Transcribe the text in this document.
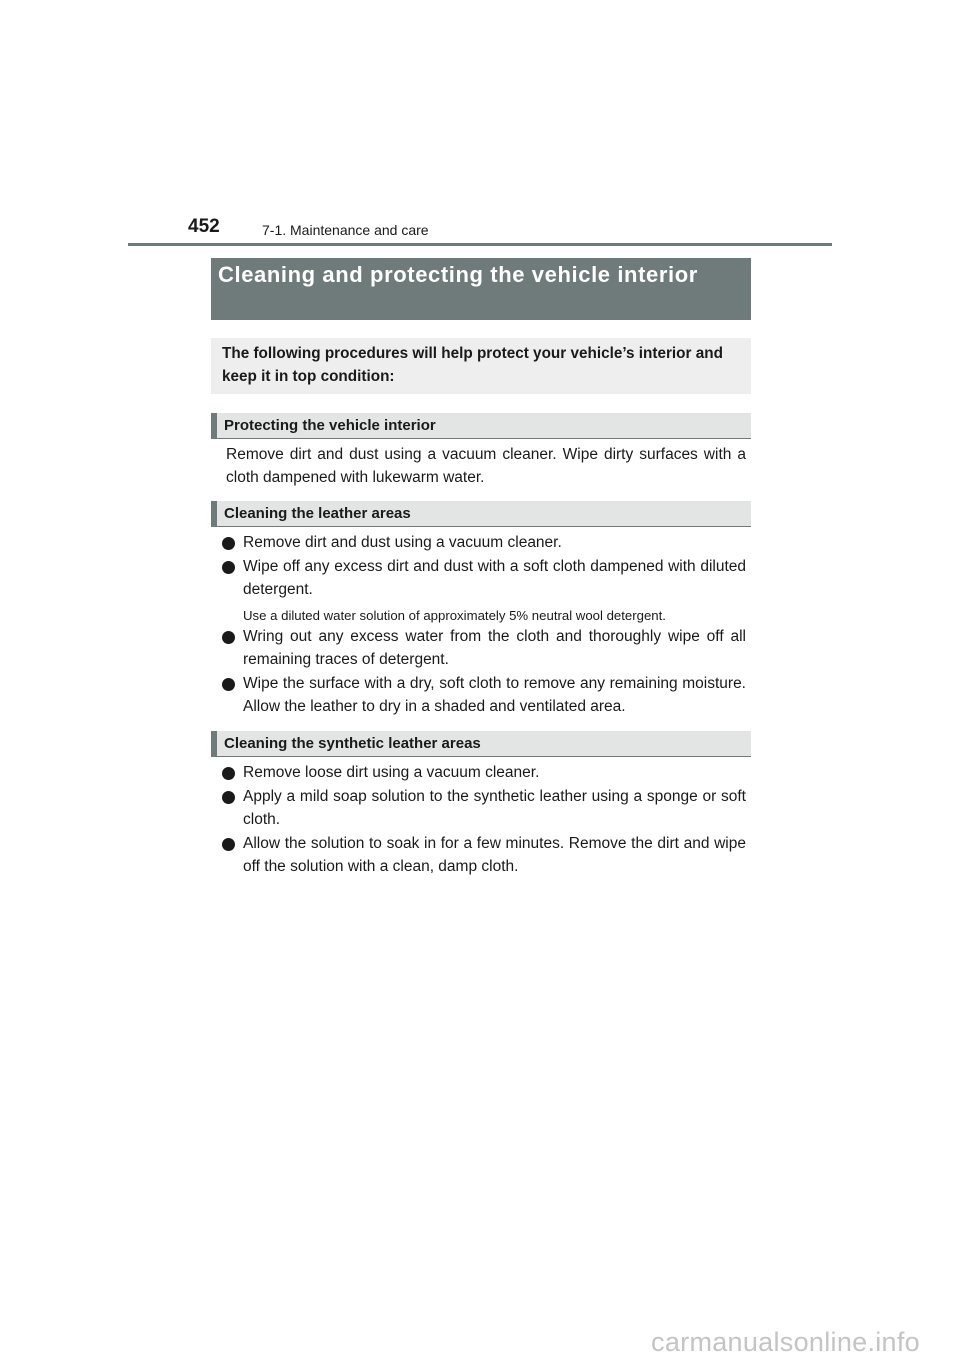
452	7-1. Maintenance and care
Cleaning and protecting the vehicle interior
The following procedures will help protect your vehicle’s interior and keep it in top condition:
Protecting the vehicle interior
Remove dirt and dust using a vacuum cleaner. Wipe dirty surfaces with a cloth dampened with lukewarm water.
Cleaning the leather areas
Remove dirt and dust using a vacuum cleaner.
Wipe off any excess dirt and dust with a soft cloth dampened with diluted detergent.
Use a diluted water solution of approximately 5% neutral wool detergent.
Wring out any excess water from the cloth and thoroughly wipe off all remaining traces of detergent.
Wipe the surface with a dry, soft cloth to remove any remaining moisture. Allow the leather to dry in a shaded and ventilated area.
Cleaning the synthetic leather areas
Remove loose dirt using a vacuum cleaner.
Apply a mild soap solution to the synthetic leather using a sponge or soft cloth.
Allow the solution to soak in for a few minutes. Remove the dirt and wipe off the solution with a clean, damp cloth.
carmanualsonline.info
